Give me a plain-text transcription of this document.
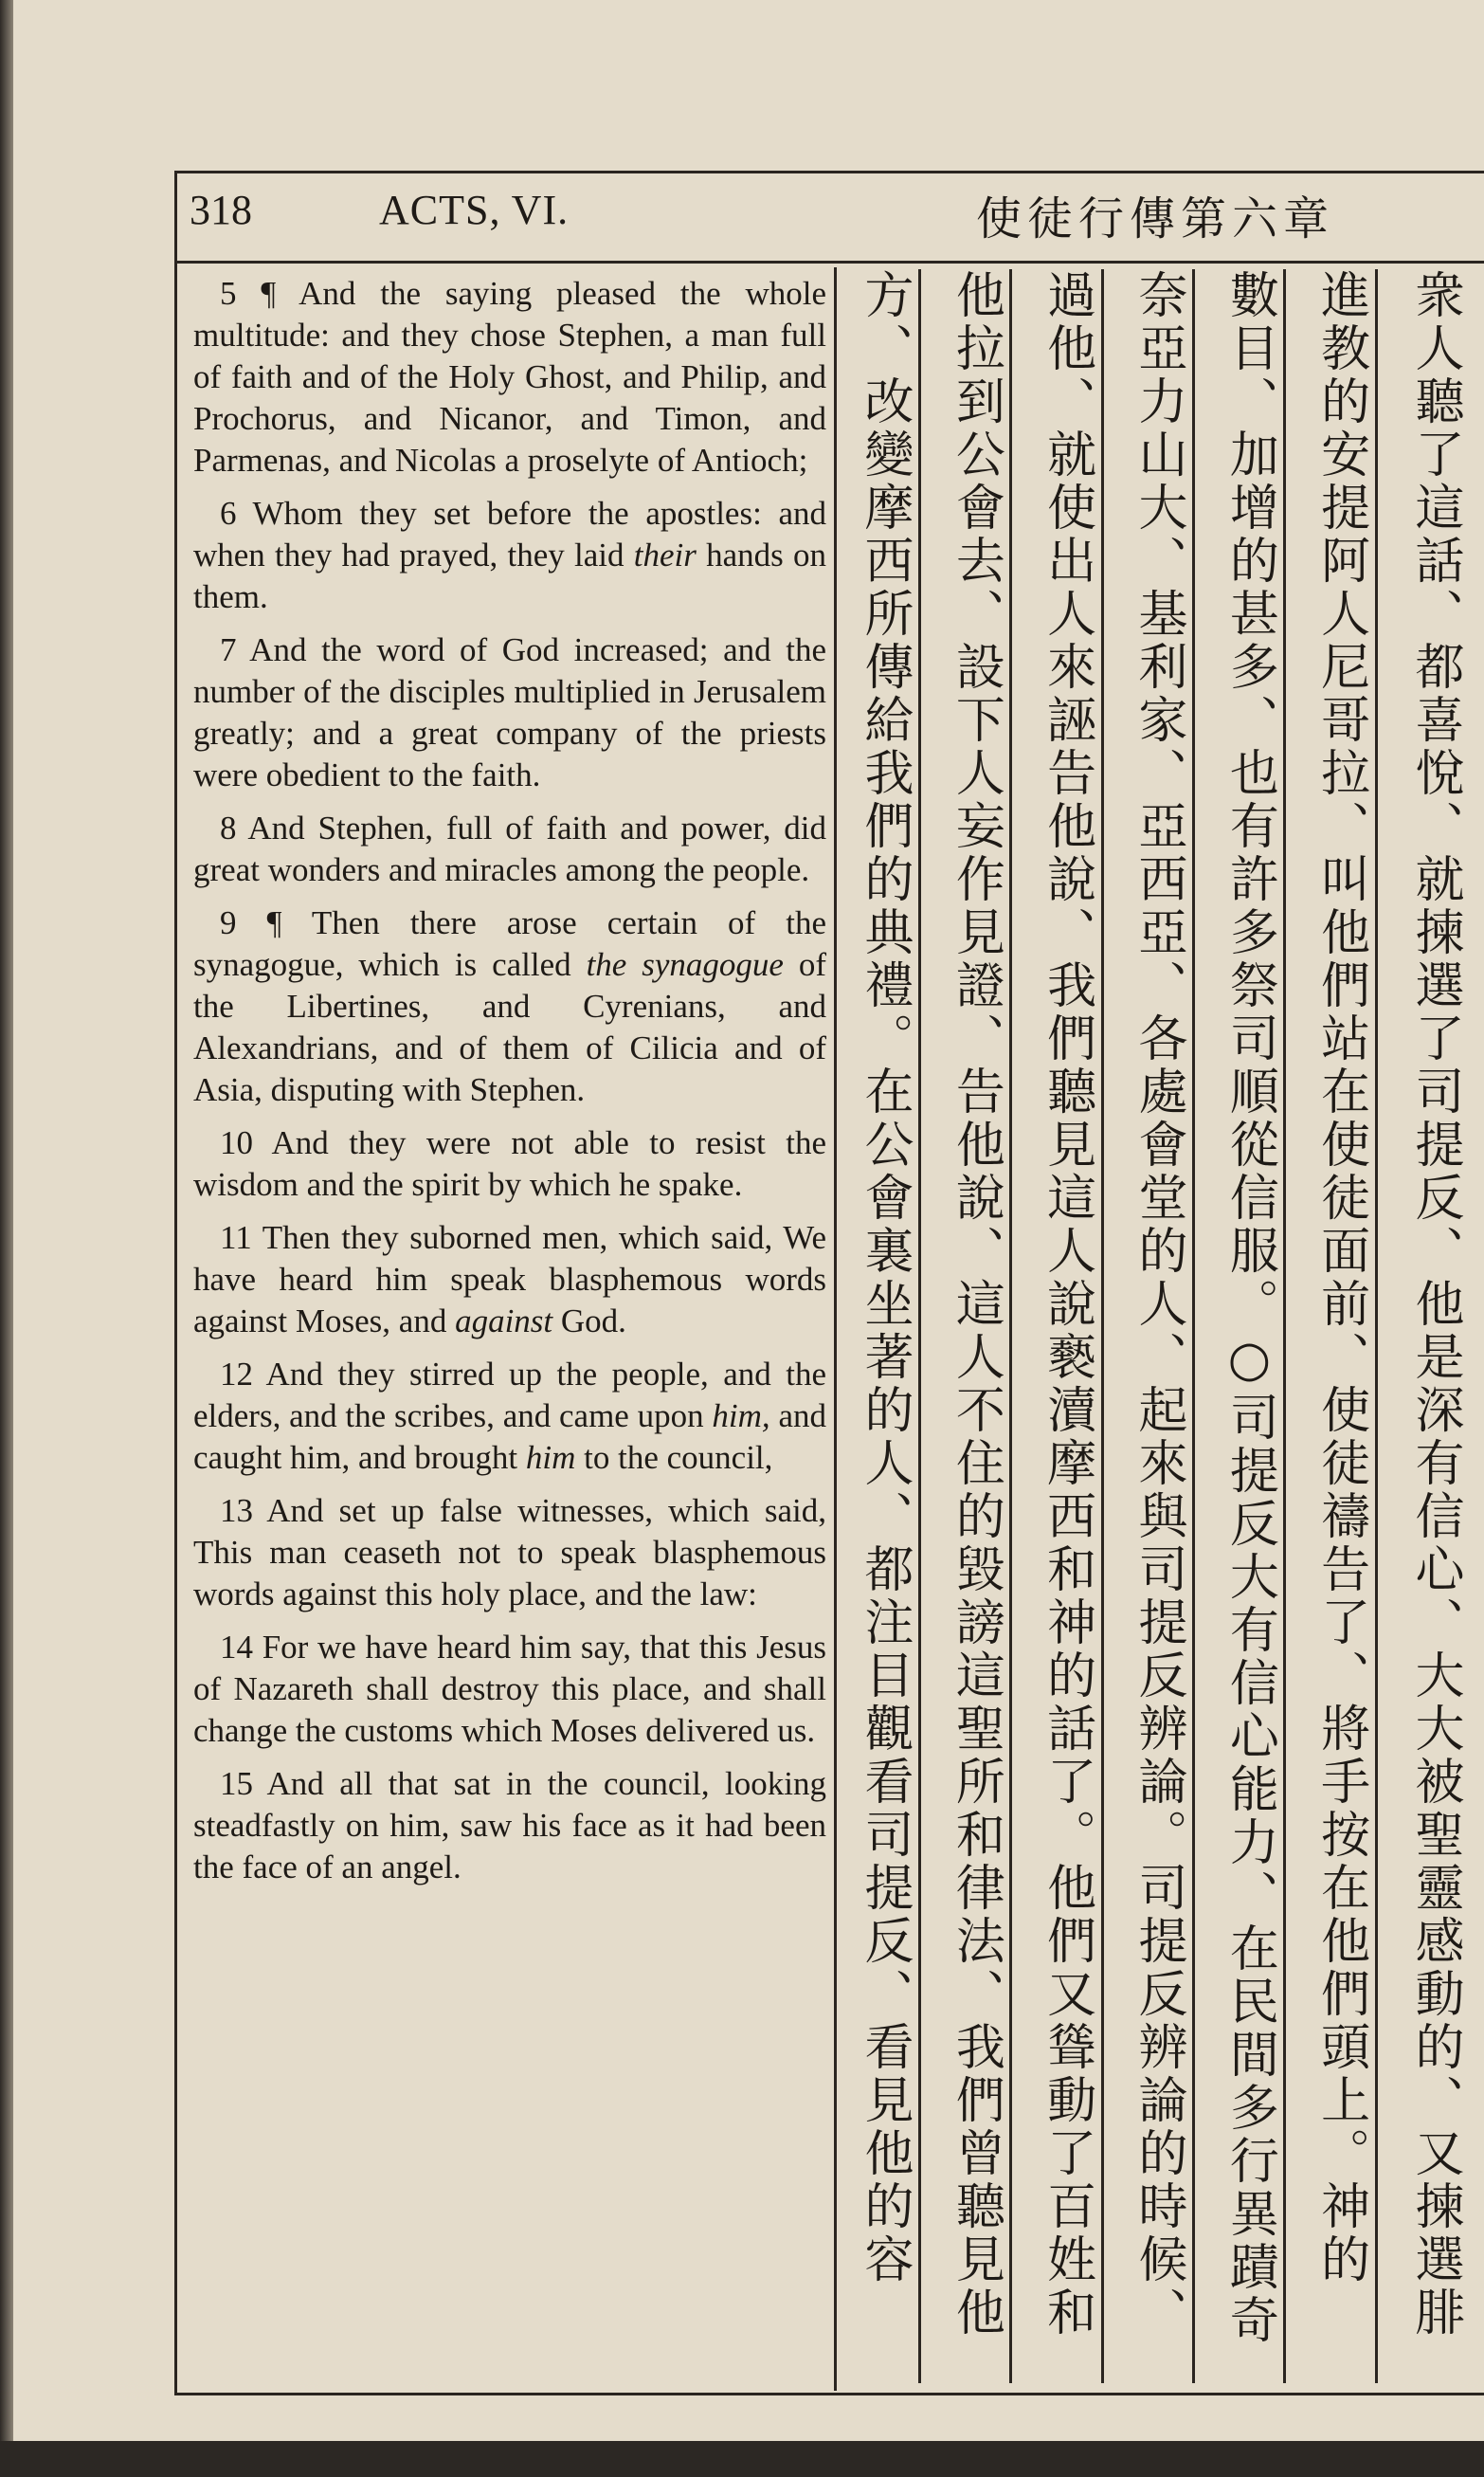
318	ACTS, VI.	使徒行傳第六章

5 ¶ And the saying pleased the whole multitude: and they chose Stephen, a man full of faith and of the Holy Ghost, and Philip, and Prochorus, and Nicanor, and Timon, and Parmenas, and Nicolas a proselyte of Antioch;

6 Whom they set before the apostles: and when they had prayed, they laid their hands on them.

7 And the word of God increased; and the number of the disciples multiplied in Jerusalem greatly; and a great company of the priests were obedient to the faith.

8 And Stephen, full of faith and power, did great wonders and miracles among the people.

9 ¶ Then there arose certain of the synagogue, which is called the synagogue of the Libertines, and Cyrenians, and Alexandrians, and of them of Cilicia and of Asia, disputing with Stephen.

10 And they were not able to resist the wisdom and the spirit by which he spake.

11 Then they suborned men, which said, We have heard him speak blasphemous words against Moses, and against God.

12 And they stirred up the people, and the elders, and the scribes, and came upon him, and caught him, and brought him to the council,

13 And set up false witnesses, which said, This man ceaseth not to speak blasphemous words against this holy place, and the law:

14 For we have heard him say, that this Jesus of Nazareth shall destroy this place, and shall change the customs which Moses delivered us.

15 And all that sat in the council, looking steadfastly on him, saw his face as it had been the face of an angel.

衆人聽了這話、都喜悅、就揀選了司提反、他是深有信心、大大被聖靈感動的、又揀選腓
進教的安提阿人尼哥拉、叫他們站在使徒面前、使徒禱告了、將手按在他們頭上。神的
數目、加增的甚多、也有許多祭司順從信服。○司提反大有信心能力、在民間多行異蹟奇
奈亞力山大、基利家、亞西亞、各處會堂的人、起來與司提反辨論。司提反辨論的時候、
過他、就使出人來誣告他說、我們聽見這人說褻瀆摩西和神的話了。他們又聳動了百姓和
他拉到公會去、設下人妄作見證、告他說、這人不住的毀謗這聖所和律法、我們曾聽見他
方、改變摩西所傳給我們的典禮。在公會裏坐著的人、都注目觀看司提反、看見他的容
